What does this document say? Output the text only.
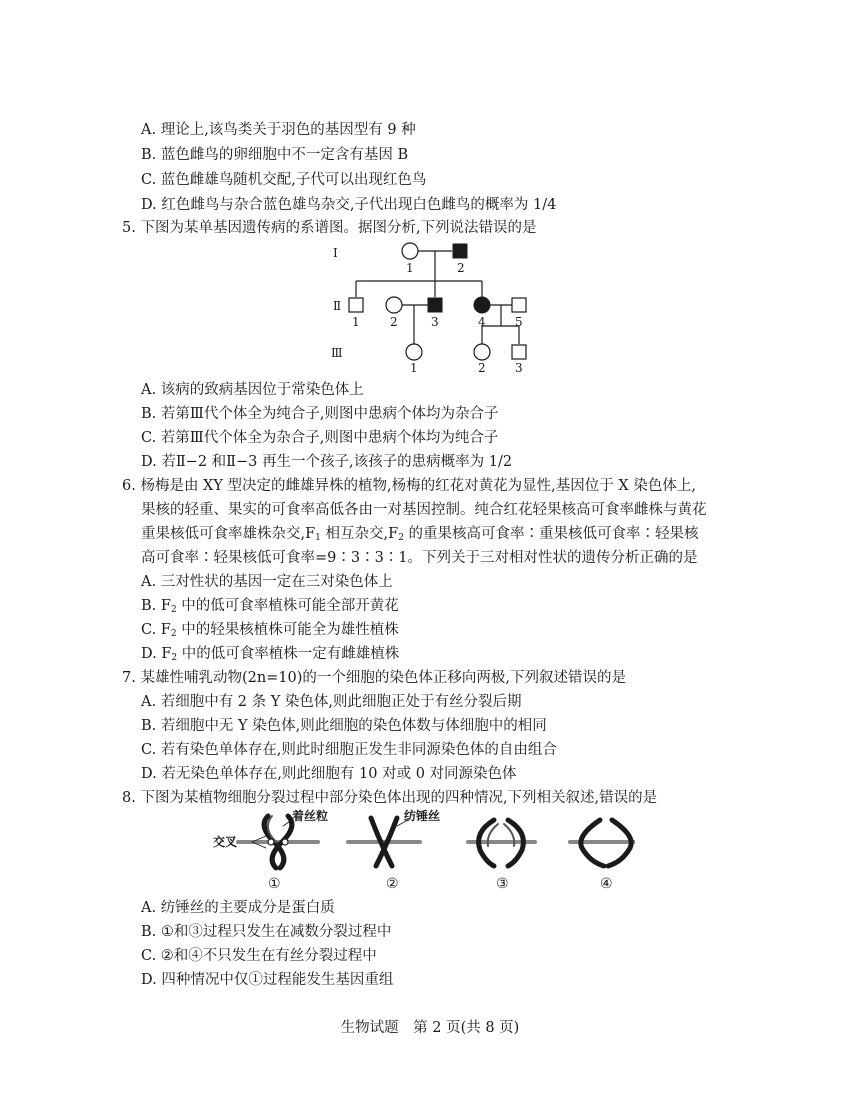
A. 理论上,该鸟类关于羽色的基因型有 9 种
B. 蓝色雌鸟的卵细胞中不一定含有基因 B
C. 蓝色雌雄鸟随机交配,子代可以出现红色鸟
D. 红色雌鸟与杂合蓝色雄鸟杂交,子代出现白色雌鸟的概率为 1/4
5. 下图为某单基因遗传病的系谱图。据图分析,下列说法错误的是
Ⅰ
Ⅱ
Ⅲ
1	2
1	2	3	4 5
1	2 3
A. 该病的致病基因位于常染色体上
B. 若第Ⅲ代个体全为纯合子,则图中患病个体均为杂合子
C. 若第Ⅲ代个体全为杂合子,则图中患病个体均为纯合子
D. 若Ⅱ−2 和Ⅱ−3 再生一个孩子,该孩子的患病概率为 1/2
6. 杨梅是由 XY 型决定的雌雄异株的植物,杨梅的红花对黄花为显性,基因位于 X 染色体上,
果核的轻重、果实的可食率高低各由一对基因控制。纯合红花轻果核高可食率雌株与黄花
重果核低可食率雄株杂交$,F_1$ 相互杂交$,F_2$ 的重果核高可食率∶重果核低可食率∶轻果核
高可食率∶轻果核低可食率=9∶3∶3∶1。下列关于三对相对性状的遗传分析正确的是
A. 三对性状的基因一定在三对染色体上
B. $F_2$ 中的低可食率植株可能全部开黄花
C. $F_2$ 中的轻果核植株可能全为雄性植株
D. $F_2$ 中的低可食率植株一定有雌雄植株
7. 某雄性哺乳动物(2n=10)的一个细胞的染色体正移向两极,下列叙述错误的是
A. 若细胞中有 2 条 Y 染色体,则此细胞正处于有丝分裂后期
B. 若细胞中无 Y 染色体,则此细胞的染色体数与体细胞中的相同
C. 若有染色单体存在,则此时细胞正发生非同源染色体的自由组合
D. 若无染色单体存在,则此细胞有 10 对或 0 对同源染色体
8. 下图为某植物细胞分裂过程中部分染色体出现的四种情况,下列相关叙述,错误的是
着丝粒
交叉
纺锤丝
①	②	③	④
A. 纺锤丝的主要成分是蛋白质
B. ①和③过程只发生在减数分裂过程中
C. ②和④不只发生在有丝分裂过程中
D. 四种情况中仅①过程能发生基因重组
生物试题　第 2 页(共 8 页)
